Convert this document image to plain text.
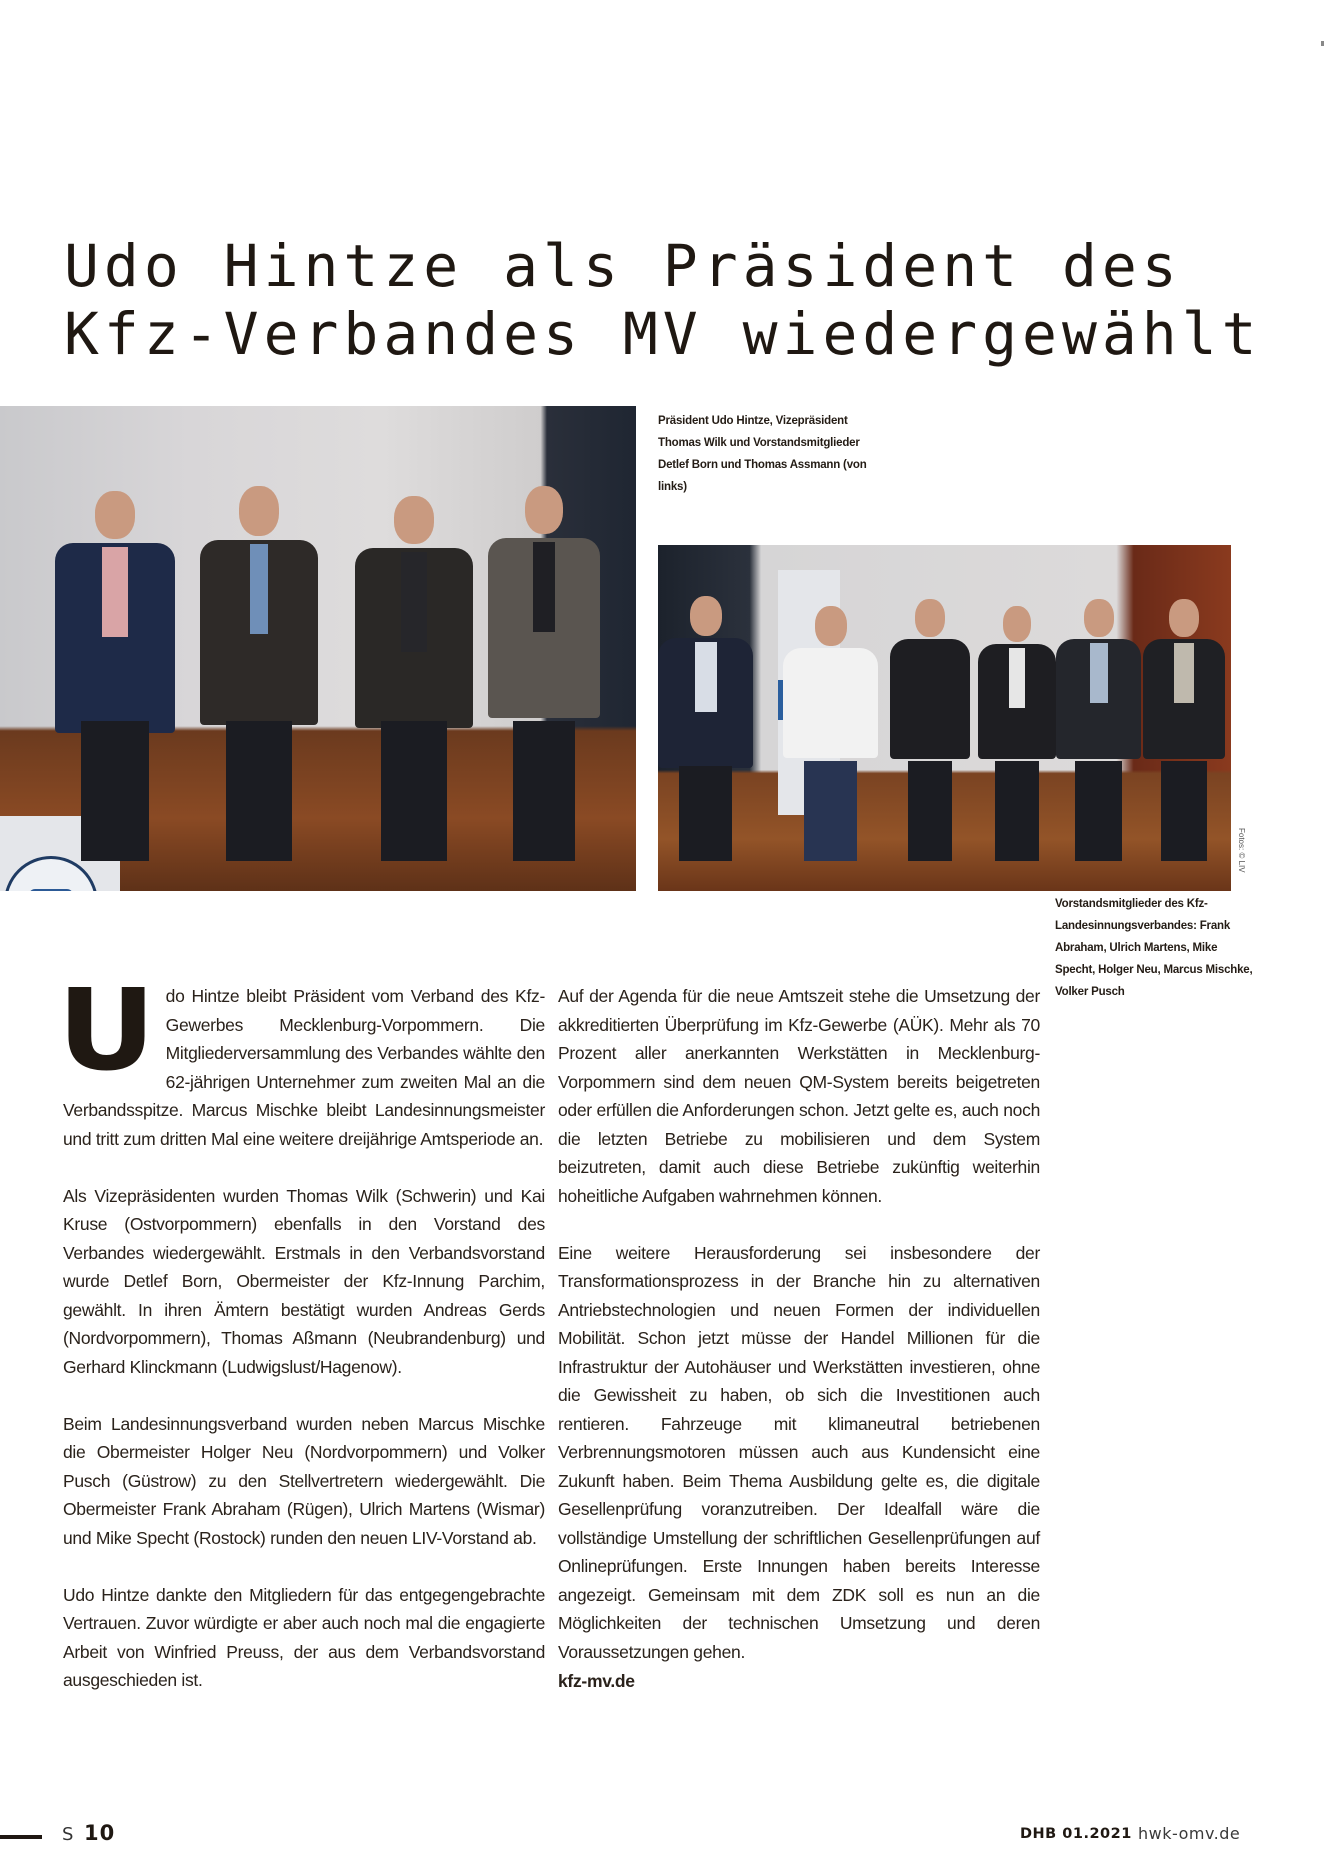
Udo Hintze als Präsident des
Kfz-Verbandes MV wiedergewählt
Präsident Udo Hintze, Vizepräsident Thomas Wilk und Vorstandsmitglieder Detlef Born und Thomas Assmann (von links)
Fotos: © LIV
Vorstandsmitglieder des Kfz-Landesinnungsverbandes: Frank Abraham, Ulrich Martens, Mike Specht, Holger Neu, Marcus Mischke, Volker Pusch

Udo Hintze bleibt Präsident vom Verband des Kfz-Gewerbes Mecklenburg-Vorpommern. Die Mitgliederversammlung des Verbandes wählte den 62-jährigen Unternehmer zum zweiten Mal an die Verbandsspitze. Marcus Mischke bleibt Landesinnungsmeister und tritt zum dritten Mal eine weitere dreijährige Amtsperiode an.

Als Vizepräsidenten wurden Thomas Wilk (Schwerin) und Kai Kruse (Ostvorpommern) ebenfalls in den Vorstand des Verbandes wiedergewählt. Erstmals in den Verbandsvorstand wurde Detlef Born, Obermeister der Kfz-Innung Parchim, gewählt. In ihren Ämtern bestätigt wurden Andreas Gerds (Nordvorpommern), Thomas Aßmann (Neubrandenburg) und Gerhard Klinckmann (Ludwigslust/Hagenow).

Beim Landesinnungsverband wurden neben Marcus Mischke die Obermeister Holger Neu (Nordvorpommern) und Volker Pusch (Güstrow) zu den Stellvertretern wiedergewählt. Die Obermeister Frank Abraham (Rügen), Ulrich Martens (Wismar) und Mike Specht (Rostock) runden den neuen LIV-Vorstand ab.

Udo Hintze dankte den Mitgliedern für das entgegengebrachte Vertrauen. Zuvor würdigte er aber auch noch mal die engagierte Arbeit von Winfried Preuss, der aus dem Verbandsvorstand ausgeschieden ist.

Auf der Agenda für die neue Amtszeit stehe die Umsetzung der akkreditierten Überprüfung im Kfz-Gewerbe (AÜK). Mehr als 70 Prozent aller anerkannten Werkstätten in Mecklenburg-Vorpommern sind dem neuen QM-System bereits beigetreten oder erfüllen die Anforderungen schon. Jetzt gelte es, auch noch die letzten Betriebe zu mobilisieren und dem System beizutreten, damit auch diese Betriebe zukünftig weiterhin hoheitliche Aufgaben wahrnehmen können.

Eine weitere Herausforderung sei insbesondere der Transformationsprozess in der Branche hin zu alternativen Antriebstechnologien und neuen Formen der individuellen Mobilität. Schon jetzt müsse der Handel Millionen für die Infrastruktur der Autohäuser und Werkstätten investieren, ohne die Gewissheit zu haben, ob sich die Investitionen auch rentieren. Fahrzeuge mit klimaneutral betriebenen Verbrennungsmotoren müssen auch aus Kundensicht eine Zukunft haben. Beim Thema Ausbildung gelte es, die digitale Gesellenprüfung voranzutreiben. Der Idealfall wäre die vollständige Umstellung der schriftlichen Gesellenprüfungen auf Onlineprüfungen. Erste Innungen haben bereits Interesse angezeigt. Gemeinsam mit dem ZDK soll es nun an die Möglichkeiten der technischen Umsetzung und deren Voraussetzungen gehen.

kfz-mv.de
S 10	DHB 01.2021 hwk-omv.de
